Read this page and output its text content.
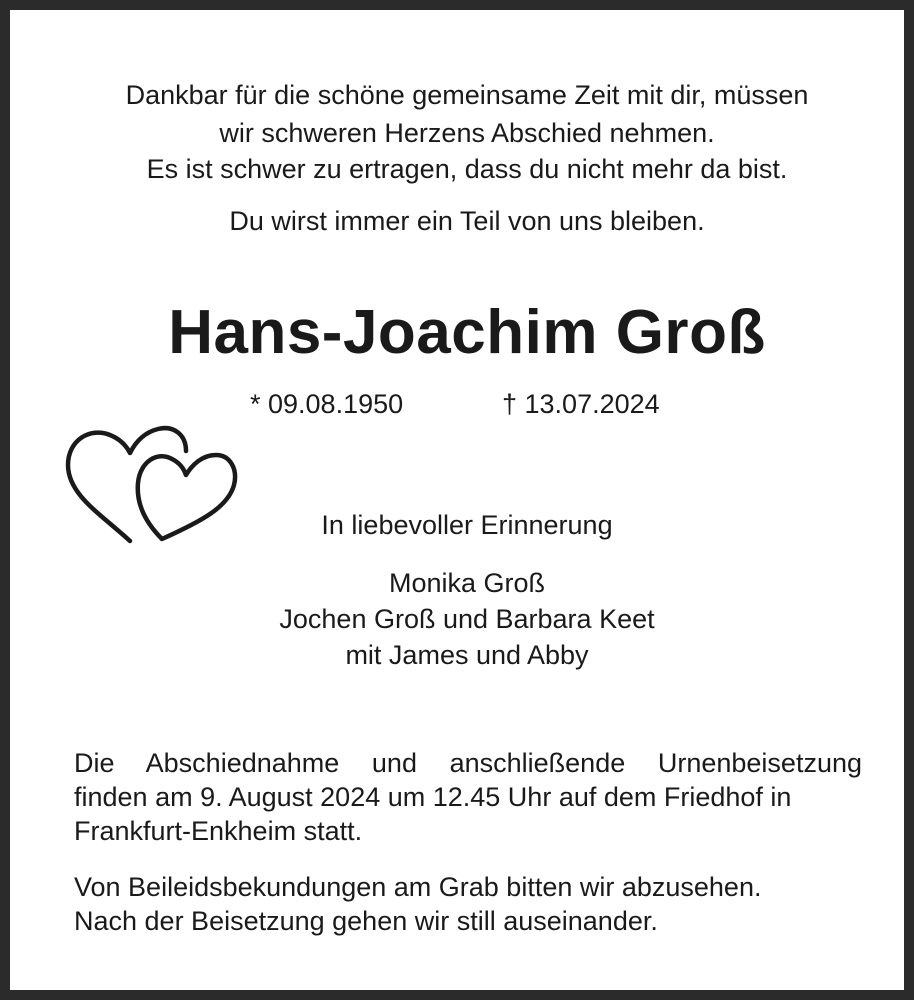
Dankbar für die schöne gemeinsame Zeit mit dir, müssen
wir schweren Herzens Abschied nehmen.
Es ist schwer zu ertragen, dass du nicht mehr da bist.
Du wirst immer ein Teil von uns bleiben.
Hans-Joachim Groß
* 09.08.1950	† 13.07.2024
In liebevoller Erinnerung
Monika Groß
Jochen Groß und Barbara Keet
mit James und Abby
Die Abschiednahme und anschließende Urnenbeisetzung
finden am 9. August 2024 um 12.45 Uhr auf dem Friedhof in
Frankfurt-Enkheim statt.
Von Beileidsbekundungen am Grab bitten wir abzusehen.
Nach der Beisetzung gehen wir still auseinander.
